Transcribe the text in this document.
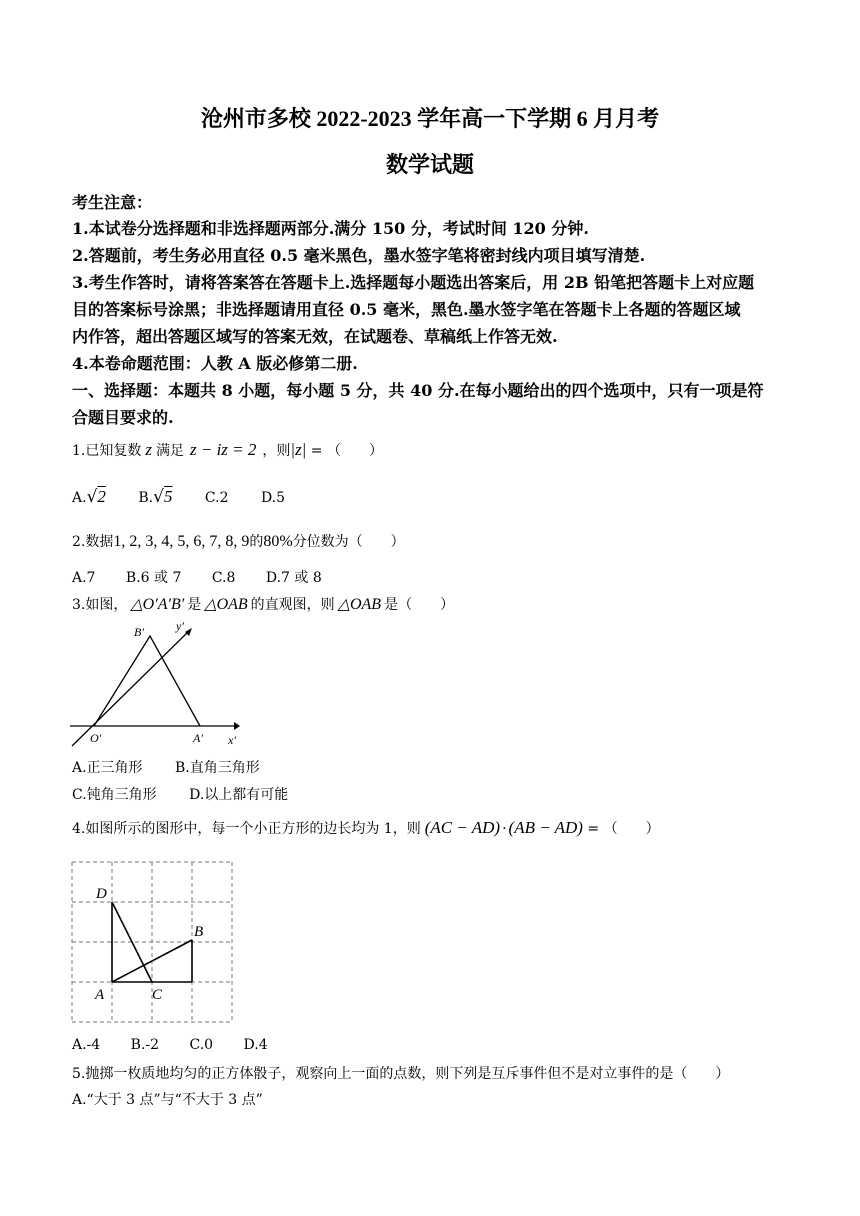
沧州市多校 2022-2023 学年高一下学期 6 月月考
数学试题
考生注意：
1.本试卷分选择题和非选择题两部分.满分 150 分，考试时间 120 分钟.
2.答题前，考生务必用直径 0.5 毫米黑色，墨水签字笔将密封线内项目填写清楚.
3.考生作答时，请将答案答在答题卡上.选择题每小题选出答案后，用 2B 铅笔把答题卡上对应题
目的答案标号涂黑；非选择题请用直径 0.5 毫米，黑色.墨水签字笔在答题卡上各题的答题区域
内作答，超出答题区域写的答案无效，在试题卷、草稿纸上作答无效.
4.本卷命题范围：人教 A 版必修第二册.
一、选择题：本题共 8 小题，每小题 5 分，共 40 分.在每小题给出的四个选项中，只有一项是符
合题目要求的.
1.已知复数 z 满足 z − iz = 2 ，则|z| = （　　）
A.√2 B.√5 C.2 D.5
2.数据1, 2, 3, 4, 5, 6, 7, 8, 9的80%分位数为（　　）
A.7 B.6 或 7 C.8 D.7 或 8
3.如图， △O′A′B′ 是 △OAB 的直观图，则 △OAB 是（　　）
B′	y′
O′	A′ x′
A.正三角形 B.直角三角形
C.钝角三角形 D.以上都有可能
4.如图所示的图形中，每一个小正方形的边长均为 1，则 (AC − AD) · (AB − AD) = （　　）
D
B
A	C
A.-4 B.-2 C.0 D.4
5.抛掷一枚质地均匀的正方体骰子，观察向上一面的点数，则下列是互斥事件但不是对立事件的是（　　）
A.“大于 3 点”与“不大于 3 点”
